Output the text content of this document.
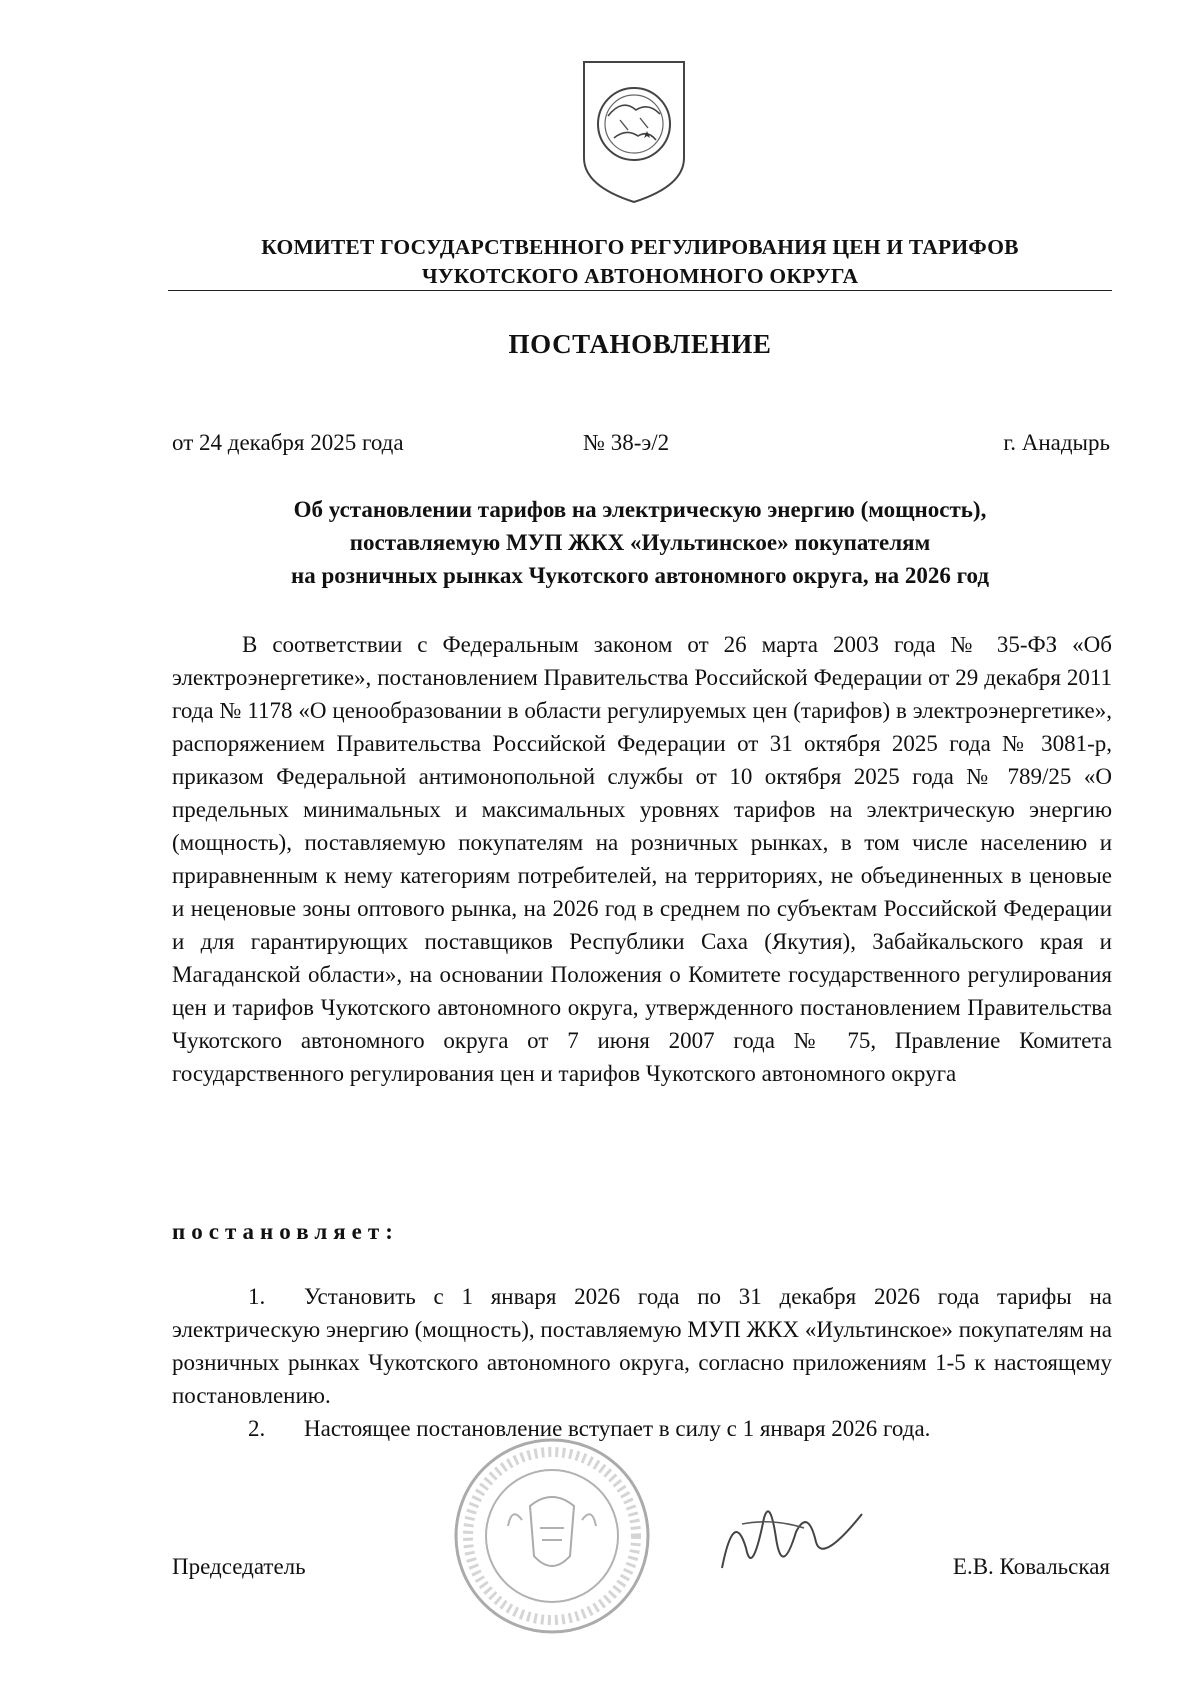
КОМИТЕТ ГОСУДАРСТВЕННОГО РЕГУЛИРОВАНИЯ ЦЕН И ТАРИФОВ
ЧУКОТСКОГО АВТОНОМНОГО ОКРУГА
ПОСТАНОВЛЕНИЕ
от 24 декабря 2025 года	№ 38-э/2	г. Анадырь
Об установлении тарифов на электрическую энергию (мощность),
поставляемую МУП ЖКХ «Иультинское» покупателям
на розничных рынках Чукотского автономного округа, на 2026 год
В соответствии с Федеральным законом от 26 марта 2003 года № 35-ФЗ «Об электроэнергетике», постановлением Правительства Российской Федерации от 29 декабря 2011 года № 1178 «О ценообразовании в области регулируемых цен (тарифов) в электроэнергетике», распоряжением Правительства Российской Федерации от 31 октября 2025 года № 3081-р, приказом Федеральной антимонопольной службы от 10 октября 2025 года № 789/25 «О предельных минимальных и максимальных уровнях тарифов на электрическую энергию (мощность), поставляемую покупателям на розничных рынках, в том числе населению и приравненным к нему категориям потребителей, на территориях, не объединенных в ценовые и неценовые зоны оптового рынка, на 2026 год в среднем по субъектам Российской Федерации и для гарантирующих поставщиков Республики Саха (Якутия), Забайкальского края и Магаданской области», на основании Положения о Комитете государственного регулирования цен и тарифов Чукотского автономного округа, утвержденного постановлением Правительства Чукотского автономного округа от 7 июня 2007 года № 75, Правление Комитета государственного регулирования цен и тарифов Чукотского автономного округа
постановляет:
1. Установить с 1 января 2026 года по 31 декабря 2026 года тарифы на электрическую энергию (мощность), поставляемую МУП ЖКХ «Иультинское» покупателям на розничных рынках Чукотского автономного округа, согласно приложениям 1-5 к настоящему постановлению.
2. Настоящее постановление вступает в силу с 1 января 2026 года.
Председатель	Е.В. Ковальская
